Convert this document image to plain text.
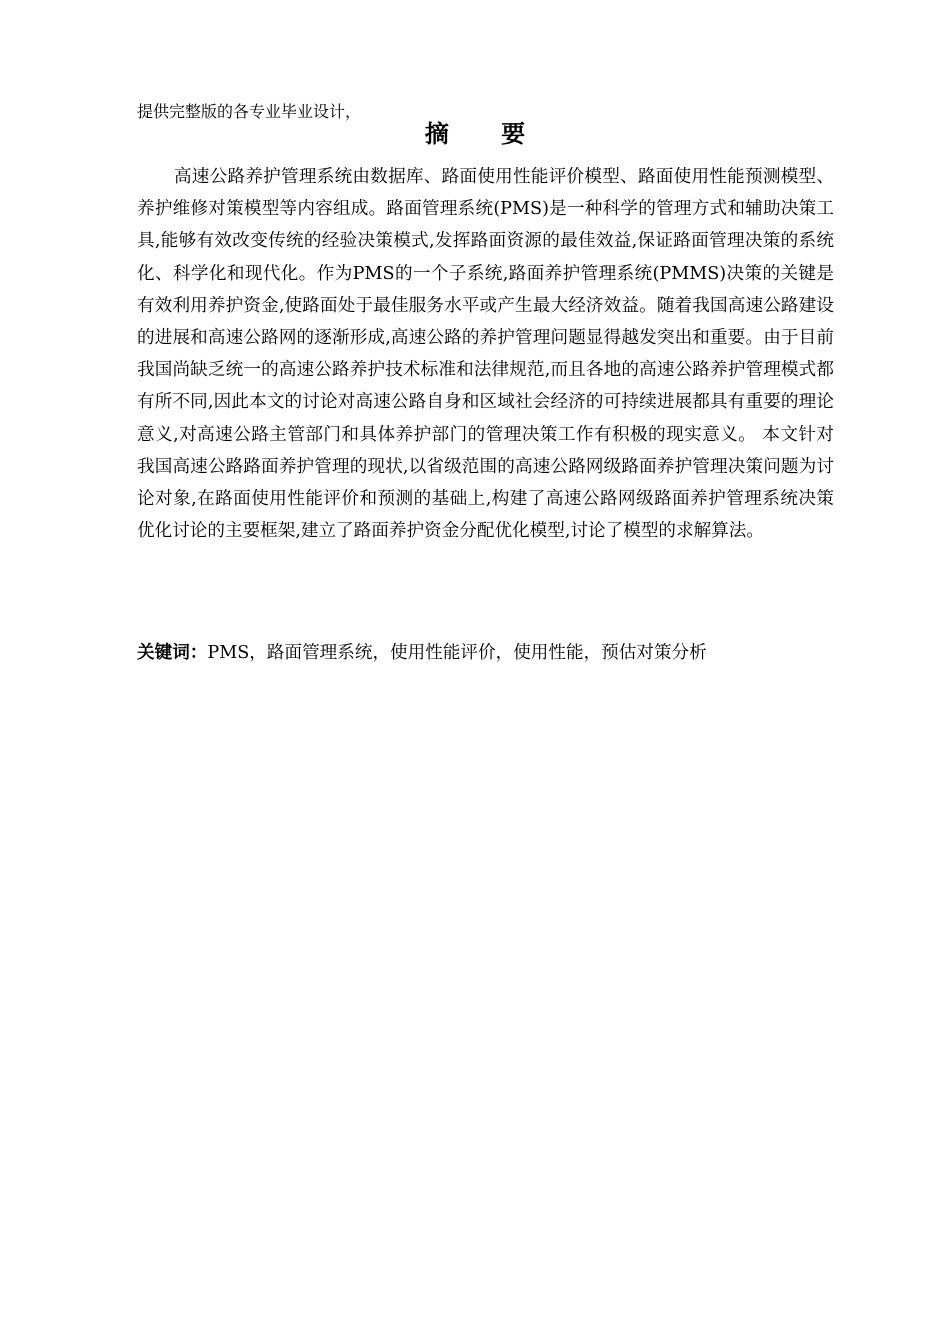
提供完整版的各专业毕业设计，
摘 要

高速公路养护管理系统由数据库、路面使用性能评价模型、路面使用性能预测模型、养护维修对策模型等内容组成。路面管理系统(PMS)是一种科学的管理方式和辅助决策工具,能够有效改变传统的经验决策模式,发挥路面资源的最佳效益,保证路面管理决策的系统化、科学化和现代化。作为PMS的一个子系统,路面养护管理系统(PMMS)决策的关键是有效利用养护资金,使路面处于最佳服务水平或产生最大经济效益。随着我国高速公路建设的进展和高速公路网的逐渐形成,高速公路的养护管理问题显得越发突出和重要。由于目前我国尚缺乏统一的高速公路养护技术标准和法律规范,而且各地的高速公路养护管理模式都有所不同,因此本文的讨论对高速公路自身和区域社会经济的可持续进展都具有重要的理论意义,对高速公路主管部门和具体养护部门的管理决策工作有积极的现实意义。 本文针对我国高速公路路面养护管理的现状,以省级范围的高速公路网级路面养护管理决策问题为讨论对象,在路面使用性能评价和预测的基础上,构建了高速公路网级路面养护管理系统决策优化讨论的主要框架,建立了路面养护资金分配优化模型,讨论了模型的求解算法。

关键词：PMS，路面管理系统，使用性能评价，使用性能，预估对策分析
